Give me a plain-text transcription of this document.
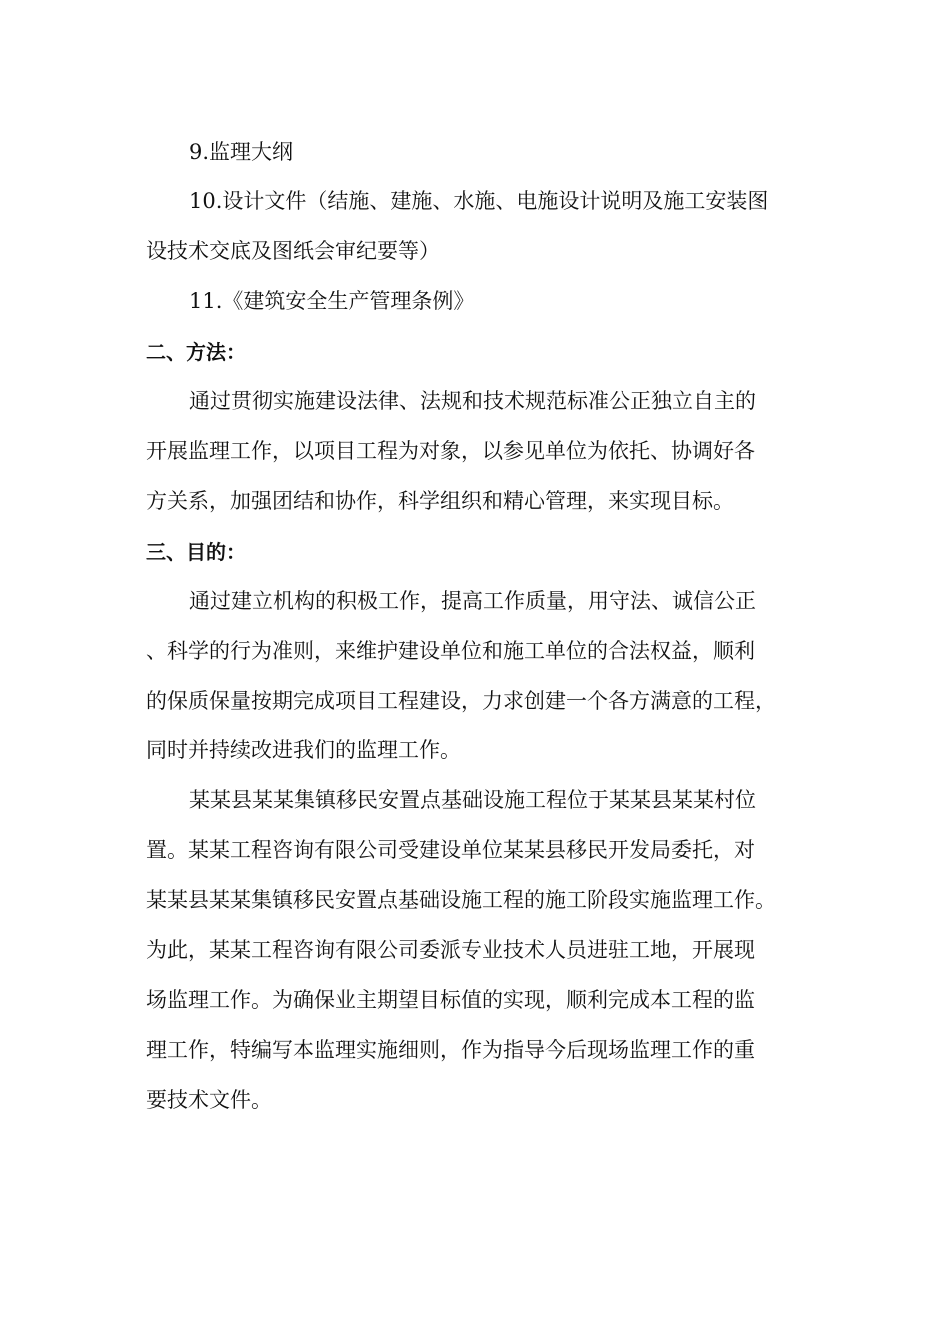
9.监理大纲
10.设计文件（结施、建施、水施、电施设计说明及施工安装图
设技术交底及图纸会审纪要等）
11.《建筑安全生产管理条例》
二、方法：
通过贯彻实施建设法律、法规和技术规范标准公正独立自主的
开展监理工作，以项目工程为对象，以参见单位为依托、协调好各
方关系，加强团结和协作，科学组织和精心管理，来实现目标。
三、目的：
通过建立机构的积极工作，提高工作质量，用守法、诚信公正
、科学的行为准则，来维护建设单位和施工单位的合法权益，顺利
的保质保量按期完成项目工程建设，力求创建一个各方满意的工程，
同时并持续改进我们的监理工作。
某某县某某集镇移民安置点基础设施工程位于某某县某某村位
置。某某工程咨询有限公司受建设单位某某县移民开发局委托，对
某某县某某集镇移民安置点基础设施工程的施工阶段实施监理工作。
为此，某某工程咨询有限公司委派专业技术人员进驻工地，开展现
场监理工作。为确保业主期望目标值的实现，顺利完成本工程的监
理工作，特编写本监理实施细则，作为指导今后现场监理工作的重
要技术文件。
